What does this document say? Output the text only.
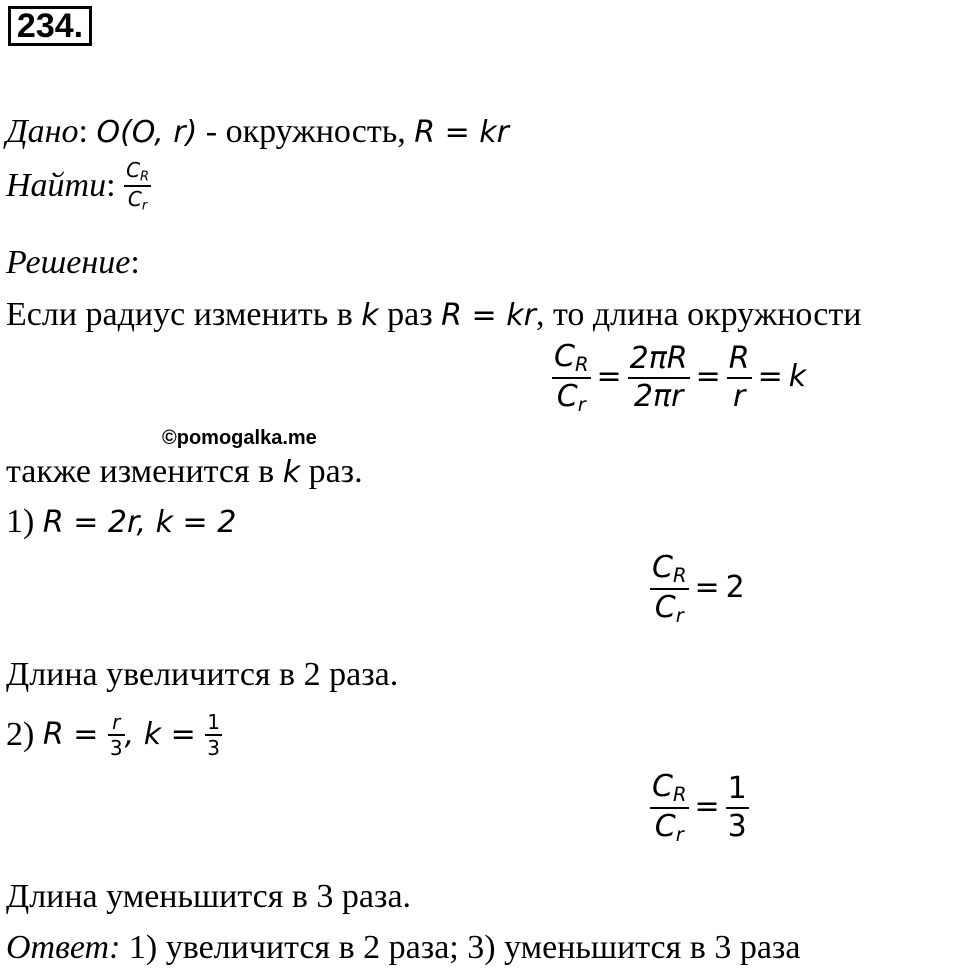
234.
Дано: O(O, r) - окружность, R = kr
Найти: $\frac{C_R}{C_r}$
Решение:
Если радиус изменить в k раз R = kr, то длина окружности
$\frac{C_R}{C_r} = \frac{2\pi R}{2\pi r} = \frac{R}{r} = k$
©pomogalka.me
также изменится в k раз.
1) R = 2r, k = 2
$\frac{C_R}{C_r} = 2$
Длина увеличится в 2 раза.
2) $R = \frac{r}{3}$ , $k = \frac{1}{3}$
$\frac{C_R}{C_r} = \frac{1}{3}$
Длина уменьшится в 3 раза.
Ответ: 1) увеличится в 2 раза; 3) уменьшится в 3 раза
